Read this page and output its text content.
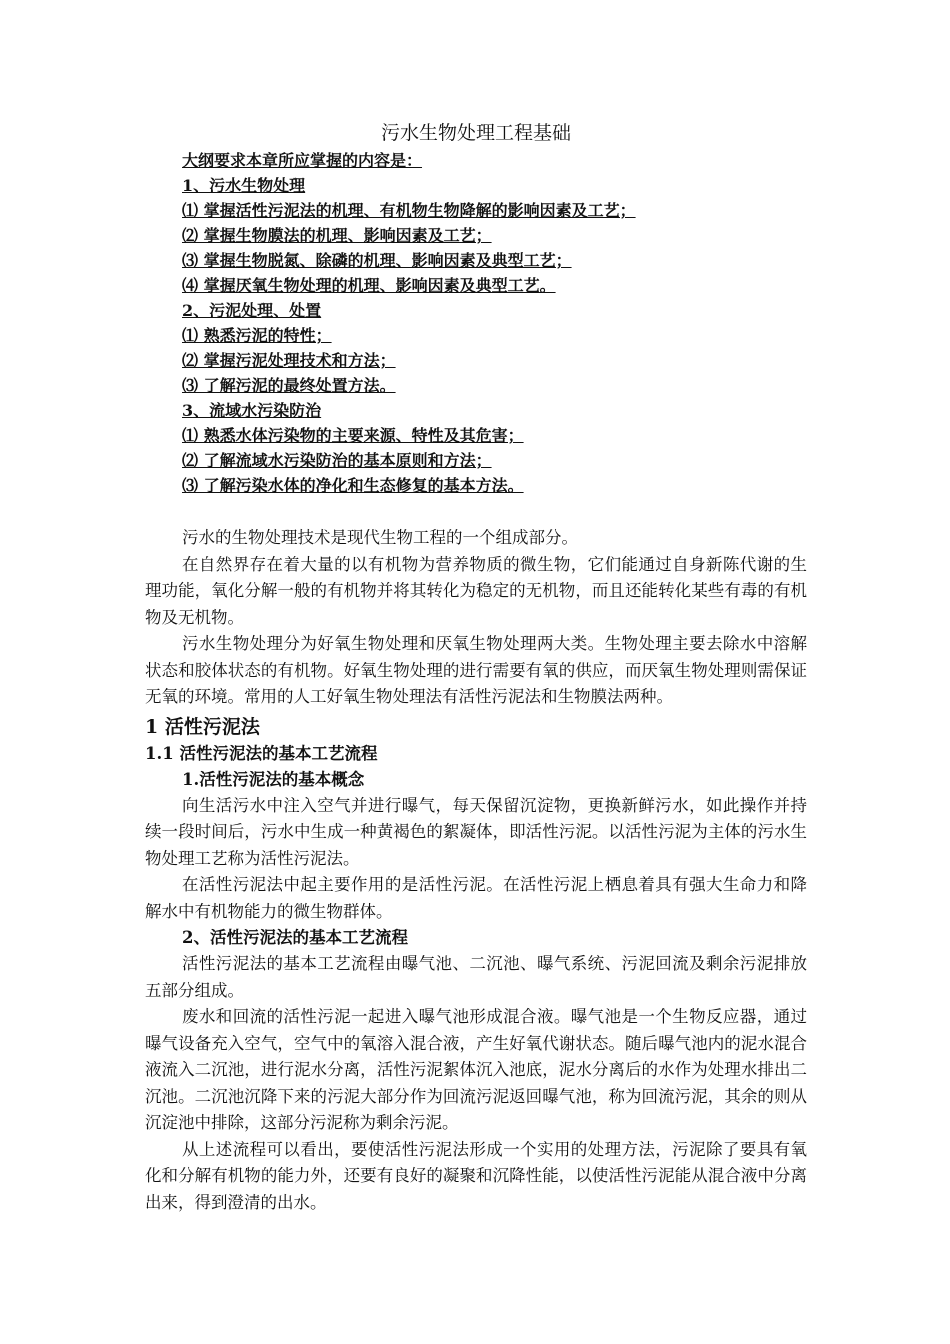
污水生物处理工程基础
大纲要求本章所应掌握的内容是：
1、污水生物处理
⑴ 掌握活性污泥法的机理、有机物生物降解的影响因素及工艺；
⑵ 掌握生物膜法的机理、影响因素及工艺；
⑶ 掌握生物脱氮、除磷的机理、影响因素及典型工艺；
⑷ 掌握厌氧生物处理的机理、影响因素及典型工艺。
2、污泥处理、处置
⑴ 熟悉污泥的特性；
⑵ 掌握污泥处理技术和方法；
⑶ 了解污泥的最终处置方法。
3、流域水污染防治
⑴ 熟悉水体污染物的主要来源、特性及其危害；
⑵ 了解流域水污染防治的基本原则和方法；
⑶ 了解污染水体的净化和生态修复的基本方法。

污水的生物处理技术是现代生物工程的一个组成部分。

在自然界存在着大量的以有机物为营养物质的微生物，它们能通过自身新陈代谢的生理功能，氧化分解一般的有机物并将其转化为稳定的无机物，而且还能转化某些有毒的有机物及无机物。

污水生物处理分为好氧生物处理和厌氧生物处理两大类。生物处理主要去除水中溶解状态和胶体状态的有机物。好氧生物处理的进行需要有氧的供应，而厌氧生物处理则需保证无氧的环境。常用的人工好氧生物处理法有活性污泥法和生物膜法两种。

1 活性污泥法
1.1 活性污泥法的基本工艺流程
1.活性污泥法的基本概念

向生活污水中注入空气并进行曝气，每天保留沉淀物，更换新鲜污水，如此操作并持续一段时间后，污水中生成一种黄褐色的絮凝体，即活性污泥。以活性污泥为主体的污水生物处理工艺称为活性污泥法。

在活性污泥法中起主要作用的是活性污泥。在活性污泥上栖息着具有强大生命力和降解水中有机物能力的微生物群体。

2、活性污泥法的基本工艺流程

活性污泥法的基本工艺流程由曝气池、二沉池、曝气系统、污泥回流及剩余污泥排放五部分组成。

废水和回流的活性污泥一起进入曝气池形成混合液。曝气池是一个生物反应器，通过曝气设备充入空气，空气中的氧溶入混合液，产生好氧代谢状态。随后曝气池内的泥水混合液流入二沉池，进行泥水分离，活性污泥絮体沉入池底，泥水分离后的水作为处理水排出二沉池。二沉池沉降下来的污泥大部分作为回流污泥返回曝气池，称为回流污泥，其余的则从沉淀池中排除，这部分污泥称为剩余污泥。

从上述流程可以看出，要使活性污泥法形成一个实用的处理方法，污泥除了要具有氧化和分解有机物的能力外，还要有良好的凝聚和沉降性能，以使活性污泥能从混合液中分离出来，得到澄清的出水。
